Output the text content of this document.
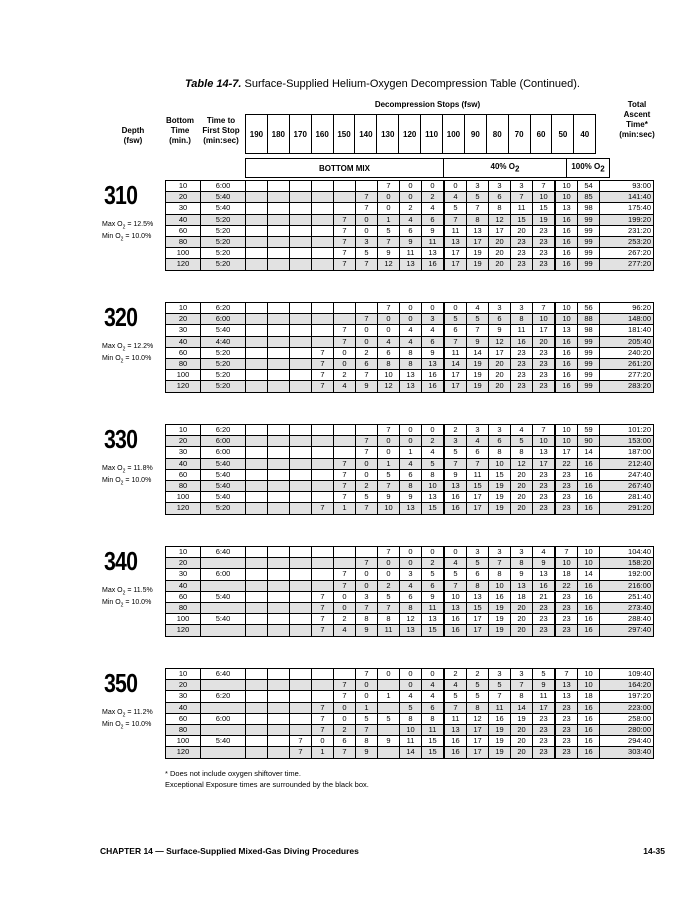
Table 14-7. Surface-Supplied Helium-Oxygen Decompression Table (Continued).
Depth
(fsw)
Bottom
Time
(min.)
Time to
First Stop
(min:sec)
Decompression Stops (fsw)	Total
Ascent
Time*
(min:sec)
190	180	170	160	150	140	130	120	110	100	90	80	70	60	50	40
BOTTOM MIX	40% $O_2$	100% $O_2$
310
Max $O_2 = 12.5\%$
Min $O_2 = 10.0\%$
10	6:00							7	0	0	0	3	3	3	7	10	54	93:00
20	5:40						7	0	0	2	4	5	6	7	10	10	85	141:40
30	5:40						7	0	2	4	5	7	8	11	15	13	98	175:40
40	5:20					7	0	1	4	6	7	8	12	15	19	16	99	199:20
60	5:20					7	0	5	6	9	11	13	17	20	23	16	99	231:20
80	5:20					7	3	7	9	11	13	17	20	23	23	16	99	253:20
100	5:20					7	5	9	11	13	17	19	20	23	23	16	99	267:20
120	5:20					7	7	12	13	16	17	19	20	23	23	16	99	277:20
320
Max $O_2 = 12.2\%$
Min $O_2 = 10.0\%$
10	6:20							7	0	0	0	4	3	3	7	10	56	96:20
20	6:00						7	0	0	3	5	5	6	8	10	10	88	148:00
30	5:40					7	0	0	4	4	6	7	9	11	17	13	98	181:40
40	4:40					7	0	4	4	6	7	9	12	16	20	16	99	205:40
60	5:20				7	0	2	6	8	9	11	14	17	23	23	16	99	240:20
80	5:20				7	0	6	8	8	13	14	19	20	23	23	16	99	261:20
100	5:20				7	2	7	10	13	16	17	19	20	23	23	16	99	277:20
120	5:20				7	4	9	12	13	16	17	19	20	23	23	16	99	283:20
330
Max $O_2 = 11.8\%$
Min $O_2 = 10.0\%$
10	6:20							7	0	0	2	3	3	4	7	10	59	101:20
20	6:00						7	0	0	2	3	4	6	5	10	10	90	153:00
30	6:00						7	0	1	4	5	6	8	8	13	17	14	187:00
40	5:40					7	0	1	4	5	7	7	10	12	17	22	16	212:40
60	5:40					7	0	5	6	8	9	11	15	20	23	23	16	247:40
80	5:40					7	2	7	8	10	13	15	19	20	23	23	16	267:40
100	5:40					7	5	9	9	13	16	17	19	20	23	23	16	281:40
120	5:20				7	1	7	10	13	15	16	17	19	20	23	23	16	291:20
340
Max $O_2 = 11.5\%$
Min $O_2 = 10.0\%$
10	6:40							7	0	0	0	3	3	3	4	7	10	104:40
20							7	0	0	2	4	5	7	8	9	10	10	158:20
30	6:00					7	0	0	3	5	5	6	8	9	13	18	14	192:00
40						7	0	2	4	6	7	8	10	13	16	22	16	216:00
60	5:40				7	0	3	5	6	9	10	13	16	18	21	23	16	251:40
80					7	0	7	7	8	11	13	15	19	20	23	23	16	273:40
100	5:40				7	2	8	8	12	13	16	17	19	20	23	23	16	288:40
120					7	4	9	11	13	15	16	17	19	20	23	23	16	297:40
350
Max $O_2 = 11.2\%$
Min $O_2 = 10.0\%$
10	6:40						7	0	0	0	2	2	3	3	5	7	10	109:40
20						7	0		0	4	4	5	5	7	9	13	10	164:20
30	6:20					7	0	1	4	4	5	5	7	8	11	13	18	197:20
40					7	0	1		5	6	7	8	11	14	17	23	16	223:00
60	6:00				7	0	5	5	8	8	11	12	16	19	23	23	16	258:00
80					7	2	7		10	11	13	17	19	20	23	23	16	280:00
100	5:40			7	0	6	8	9	11	15	16	17	19	20	23	23	16	294:40
120				7	1	7	9		14	15	16	17	19	20	23	23	16	303:40
* Does not include oxygen shiftover time.
Exceptional Exposure times are surrounded by the black box.
CHAPTER 14 — Surface-Supplied Mixed-Gas Diving Procedures	14-35
